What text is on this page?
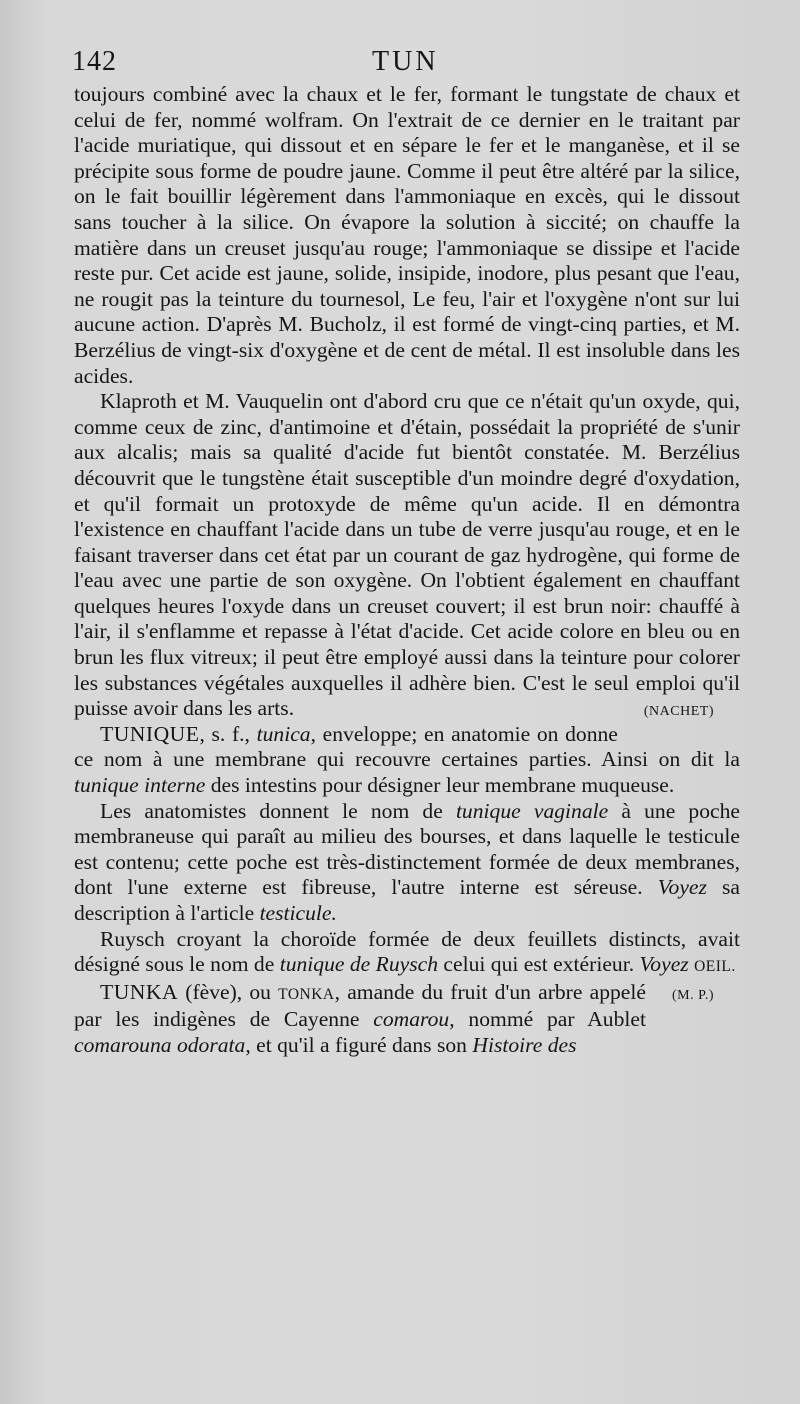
142	TUN

toujours combiné avec la chaux et le fer, formant le tungstate de chaux et celui de fer, nommé wolfram. On l'extrait de ce dernier en le traitant par l'acide muriatique, qui dissout et en sépare le fer et le manganèse, et il se précipite sous forme de poudre jaune. Comme il peut être altéré par la silice, on le fait bouillir légèrement dans l'ammoniaque en excès, qui le dissout sans toucher à la silice. On évapore la solution à siccité; on chauffe la matière dans un creuset jusqu'au rouge; l'ammoniaque se dissipe et l'acide reste pur. Cet acide est jaune, solide, insipide, inodore, plus pesant que l'eau, ne rougit pas la teinture du tournesol, Le feu, l'air et l'oxygène n'ont sur lui aucune action. D'après M. Bucholz, il est formé de vingt-cinq parties, et M. Berzélius de vingt-six d'oxygène et de cent de métal. Il est insoluble dans les acides.

Klaproth et M. Vauquelin ont d'abord cru que ce n'était qu'un oxyde, qui, comme ceux de zinc, d'antimoine et d'étain, possédait la propriété de s'unir aux alcalis; mais sa qualité d'acide fut bientôt constatée. M. Berzélius découvrit que le tungstène était susceptible d'un moindre degré d'oxydation, et qu'il formait un protoxyde de même qu'un acide. Il en démontra l'existence en chauffant l'acide dans un tube de verre jusqu'au rouge, et en le faisant traverser dans cet état par un courant de gaz hydrogène, qui forme de l'eau avec une partie de son oxygène. On l'obtient également en chauffant quelques heures l'oxyde dans un creuset couvert; il est brun noir: chauffé à l'air, il s'enflamme et repasse à l'état d'acide. Cet acide colore en bleu ou en brun les flux vitreux; il peut être employé aussi dans la teinture pour colorer les substances végétales auxquelles il adhère bien. C'est le seul emploi qu'il puisse avoir dans les arts.	(NACHET)

TUNIQUE, s. f., tunica, enveloppe; en anatomie on donne ce nom à une membrane qui recouvre certaines parties. Ainsi on dit la tunique interne des intestins pour désigner leur membrane muqueuse.

Les anatomistes donnent le nom de tunique vaginale à une poche membraneuse qui paraît au milieu des bourses, et dans laquelle le testicule est contenu; cette poche est très-distinctement formée de deux membranes, dont l'une externe est fibreuse, l'autre interne est séreuse. Voyez sa description à l'article testicule.

Ruysch croyant la choroïde formée de deux feuillets distincts, avait désigné sous le nom de tunique de Ruysch celui qui est extérieur. Voyez OEIL.
(M. P.)

TUNKA (fève), ou TONKA, amande du fruit d'un arbre appelé par les indigènes de Cayenne comarou, nommé par Aublet comarouna odorata, et qu'il a figuré dans son Histoire des
